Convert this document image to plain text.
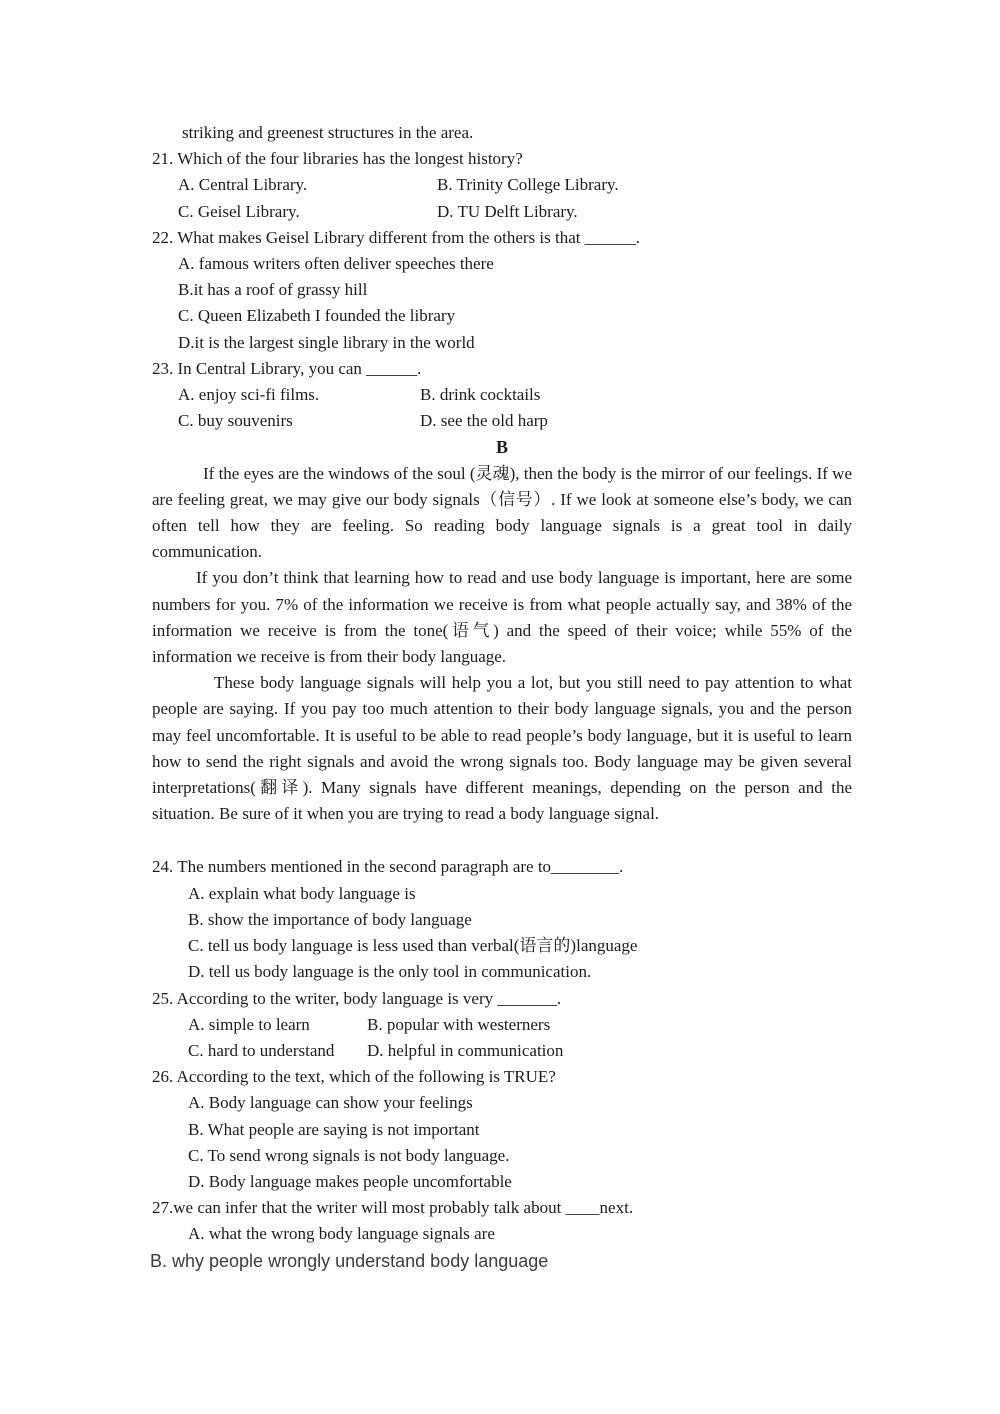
striking and greenest structures in the area.
21. Which of the four libraries has the longest history?
A. Central Library.	B. Trinity College Library.
C. Geisel Library.	D. TU Delft Library.
22. What makes Geisel Library different from the others is that ______.
A. famous writers often deliver speeches there
B.it has a roof of grassy hill
C. Queen Elizabeth I founded the library
D.it is the largest single library in the world
23. In Central Library, you can ______.
A. enjoy sci-fi films.	B. drink cocktails
C. buy souvenirs	D. see the old harp
B

If the eyes are the windows of the soul (灵魂), then the body is the mirror of our feelings. If we are feeling great, we may give our body signals（信号）. If we look at someone else’s body, we can often tell how they are feeling. So reading body language signals is a great tool in daily communication.

If you don’t think that learning how to read and use body language is important, here are some numbers for you. 7% of the information we receive is from what people actually say, and 38% of the information we receive is from the tone(语气) and the speed of their voice; while 55% of the information we receive is from their body language.

These body language signals will help you a lot, but you still need to pay attention to what people are saying. If you pay too much attention to their body language signals, you and the person may feel uncomfortable. It is useful to be able to read people’s body language, but it is useful to learn how to send the right signals and avoid the wrong signals too. Body language may be given several interpretations(翻译). Many signals have different meanings, depending on the person and the situation. Be sure of it when you are trying to read a body language signal.

24. The numbers mentioned in the second paragraph are to________.
A. explain what body language is
B. show the importance of body language
C. tell us body language is less used than verbal(语言的)language
D. tell us body language is the only tool in communication.
25. According to the writer, body language is very _______.
A. simple to learn	B. popular with westerners
C. hard to understand	D. helpful in communication
26. According to the text, which of the following is TRUE?
A. Body language can show your feelings
B. What people are saying is not important
C. To send wrong signals is not body language.
D. Body language makes people uncomfortable
27.we can infer that the writer will most probably talk about ____next.
A. what the wrong body language signals are
B. why people wrongly understand body language
